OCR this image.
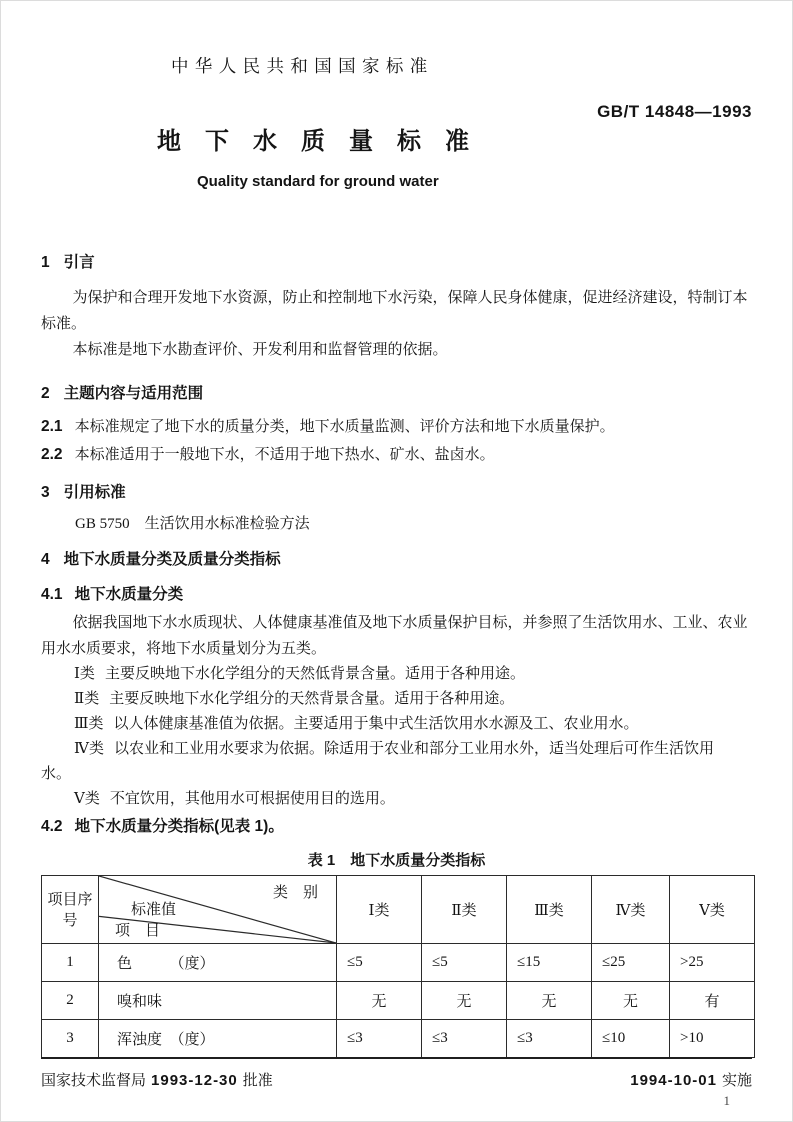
中 华 人 民 共 和 国 国 家 标 准
GB/T 14848—1993
地　下　水　质　量　标　准
Quality standard for ground water
1 引言

为保护和合理开发地下水资源，防止和控制地下水污染，保障人民身体健康，促进经济建设，特制订本标准。

本标准是地下水勘查评价、开发利用和监督管理的依据。

2 主题内容与适用范围
2.1 本标准规定了地下水的质量分类，地下水质量监测、评价方法和地下水质量保护。
2.2 本标准适用于一般地下水，不适用于地下热水、矿水、盐卤水。
3 引用标准
GB 5750　生活饮用水标准检验方法
4 地下水质量分类及质量分类指标
4.1 地下水质量分类

依据我国地下水水质现状、人体健康基准值及地下水质量保护目标，并参照了生活饮用水、工业、农业用水水质要求，将地下水质量划分为五类。

Ⅰ类 主要反映地下水化学组分的天然低背景含量。适用于各种用途。

Ⅱ类 主要反映地下水化学组分的天然背景含量。适用于各种用途。

Ⅲ类 以人体健康基准值为依据。主要适用于集中式生活饮用水水源及工、农业用水。

Ⅳ类 以农业和工业用水要求为依据。除适用于农业和部分工业用水外，适当处理后可作生活饮用水。

Ⅴ类 不宜饮用，其他用水可根据使用目的选用。

4.2 地下水质量分类指标(见表 1)。
表 1　地下水质量分类指标
项目序号	类　别
标准值
项　目	Ⅰ类	Ⅱ类	Ⅲ类	Ⅳ类	Ⅴ类
1	色　　　（度）	≤5	≤5	≤15	≤25	>25
2	嗅和味	无	无	无	无	有
3	浑浊度　（度）	≤3	≤3	≤3	≤10	>10
国家技术监督局 1993-12-30 批准	1994-10-01 实施
1
